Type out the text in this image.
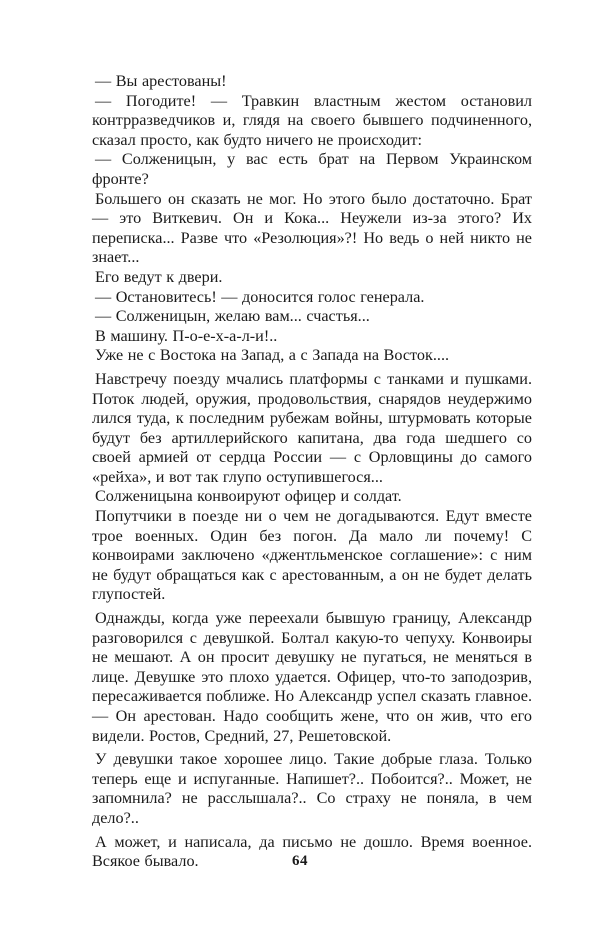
— Вы арестованы!

— Погодите! — Травкин властным жестом остановил контрразведчиков и, глядя на своего бывшего подчиненного, сказал просто, как будто ничего не происходит:

— Солженицын, у вас есть брат на Первом Украинском фронте?

Большего он сказать не мог. Но этого было достаточно. Брат — это Виткевич. Он и Кока... Неужели из-за этого? Их переписка... Разве что «Резолюция»?! Но ведь о ней никто не знает...

Его ведут к двери.

— Остановитесь! — доносится голос генерала.

— Солженицын, желаю вам... счастья...

В машину. П-о-е-х-а-л-и!..

Уже не с Востока на Запад, а с Запада на Восток....

Навстречу поезду мчались платформы с танками и пушками. Поток людей, оружия, продовольствия, снарядов неудержимо лился туда, к последним рубежам войны, штурмовать которые будут без артиллерийского капитана, два года шедшего со своей армией от сердца России — с Орловщины до самого «рейха», и вот так глупо оступившегося...

Солженицына конвоируют офицер и солдат.

Попутчики в поезде ни о чем не догадываются. Едут вместе трое военных. Один без погон. Да мало ли почему! С конвоирами заключено «джентльменское соглашение»: с ним не будут обращаться как с арестованным, а он не будет делать глупостей.

Однажды, когда уже переехали бывшую границу, Александр разговорился с девушкой. Болтал какую-то чепуху. Конвоиры не мешают. А он просит девушку не пугаться, не меняться в лице. Девушке это плохо удается. Офицер, что-то заподозрив, пересаживается поближе. Но Александр успел сказать главное.— Он арестован. Надо сообщить жене, что он жив, что его видели. Ростов, Средний, 27, Решетовской.

У девушки такое хорошее лицо. Такие добрые глаза. Только теперь еще и испуганные. Напишет?.. Побоится?.. Может, не запомнила? не расслышала?.. Со страху не поняла, в чем дело?..

А может, и написала, да письмо не дошло. Время военное. Всякое бывало.	64
